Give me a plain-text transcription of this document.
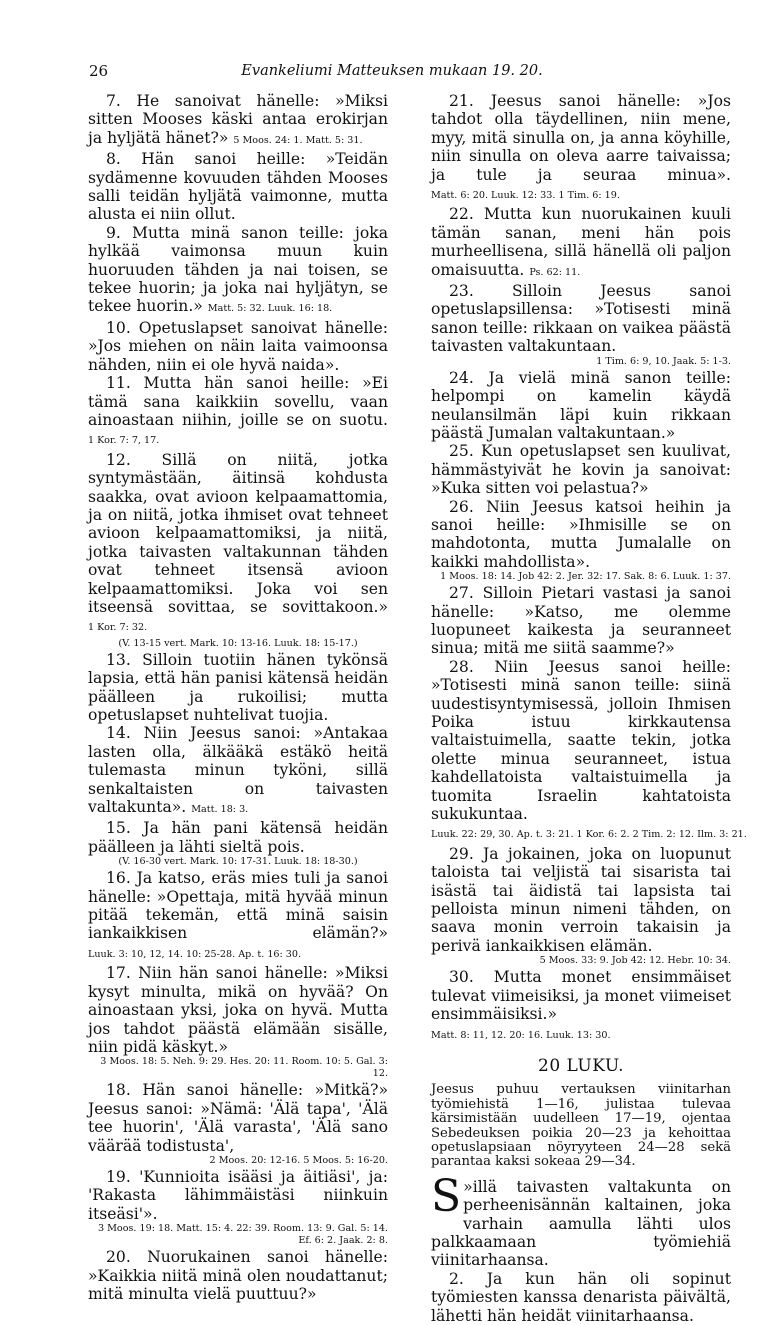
26	Evankeliumi Matteuksen mukaan 19. 20.

7. He sanoivat hänelle: »Miksi sitten Mooses käski antaa erokirjan ja hyljätä hänet?» 5 Moos. 24: 1. Matt. 5: 31.

8. Hän sanoi heille: »Teidän sydämenne kovuuden tähden Mooses salli teidän hyljätä vaimonne, mutta alusta ei niin ollut.

9. Mutta minä sanon teille: joka hylkää vaimonsa muun kuin huoruuden tähden ja nai toisen, se tekee huorin; ja joka nai hyljätyn, se tekee huorin.» Matt. 5: 32. Luuk. 16: 18.

10. Opetuslapset sanoivat hänelle: »Jos miehen on näin laita vaimoonsa nähden, niin ei ole hyvä naida».

11. Mutta hän sanoi heille: »Ei tämä sana kaikkiin sovellu, vaan ainoastaan niihin, joille se on suotu. 1 Kor. 7: 7, 17.

12. Sillä on niitä, jotka syntymästään, äitinsä kohdusta saakka, ovat avioon kelpaamattomia, ja on niitä, jotka ihmiset ovat tehneet avioon kelpaamattomiksi, ja niitä, jotka taivasten valtakunnan tähden ovat tehneet itsensä avioon kelpaamattomiksi. Joka voi sen itseensä sovittaa, se sovittakoon.» 1 Kor. 7: 32.

(V. 13-15 vert. Mark. 10: 13-16. Luuk. 18: 15-17.)

13. Silloin tuotiin hänen tykönsä lapsia, että hän panisi kätensä heidän päälleen ja rukoilisi; mutta opetuslapset nuhtelivat tuojia.

14. Niin Jeesus sanoi: »Antakaa lasten olla, älkääkä estäkö heitä tulemasta minun tyköni, sillä senkaltaisten on taivasten valtakunta». Matt. 18: 3.

15. Ja hän pani kätensä heidän päälleen ja lähti sieltä pois.

(V. 16-30 vert. Mark. 10: 17-31. Luuk. 18: 18-30.)

16. Ja katso, eräs mies tuli ja sanoi hänelle: »Opettaja, mitä hyvää minun pitää tekemän, että minä saisin iankaikkisen elämän?» Luuk. 3: 10, 12, 14. 10: 25-28. Ap. t. 16: 30.

17. Niin hän sanoi hänelle: »Miksi kysyt minulta, mikä on hyvää? On ainoastaan yksi, joka on hyvä. Mutta jos tahdot päästä elämään sisälle, niin pidä käskyt.»

3 Moos. 18: 5. Neh. 9: 29. Hes. 20: 11. Room. 10: 5. Gal. 3: 12.

18. Hän sanoi hänelle: »Mitkä?» Jeesus sanoi: »Nämä: 'Älä tapa', 'Älä tee huorin', 'Älä varasta', 'Älä sano väärää todistusta',

2 Moos. 20: 12-16. 5 Moos. 5: 16-20.

19. 'Kunnioita isääsi ja äitiäsi', ja: 'Rakasta lähimmäistäsi niinkuin itseäsi'».

3 Moos. 19: 18. Matt. 15: 4. 22: 39. Room. 13: 9. Gal. 5: 14. Ef. 6: 2. Jaak. 2: 8.

20. Nuorukainen sanoi hänelle: »Kaikkia niitä minä olen noudattanut; mitä minulta vielä puuttuu?»

21. Jeesus sanoi hänelle: »Jos tahdot olla täydellinen, niin mene, myy, mitä sinulla on, ja anna köyhille, niin sinulla on oleva aarre taivaissa; ja tule ja seuraa minua». Matt. 6: 20. Luuk. 12: 33. 1 Tim. 6: 19.

22. Mutta kun nuorukainen kuuli tämän sanan, meni hän pois murheellisena, sillä hänellä oli paljon omaisuutta. Ps. 62: 11.

23. Silloin Jeesus sanoi opetuslapsillensa: »Totisesti minä sanon teille: rikkaan on vaikea päästä taivasten valtakuntaan.

1 Tim. 6: 9, 10. Jaak. 5: 1-3.

24. Ja vielä minä sanon teille: helpompi on kamelin käydä neulansilmän läpi kuin rikkaan päästä Jumalan valtakuntaan.»

25. Kun opetuslapset sen kuulivat, hämmästyivät he kovin ja sanoivat: »Kuka sitten voi pelastua?»

26. Niin Jeesus katsoi heihin ja sanoi heille: »Ihmisille se on mahdotonta, mutta Jumalalle on kaikki mahdollista».

1 Moos. 18: 14. Job 42: 2. Jer. 32: 17. Sak. 8: 6. Luuk. 1: 37.

27. Silloin Pietari vastasi ja sanoi hänelle: »Katso, me olemme luopuneet kaikesta ja seuranneet sinua; mitä me siitä saamme?»

28. Niin Jeesus sanoi heille: »Totisesti minä sanon teille: siinä uudestisyntymisessä, jolloin Ihmisen Poika istuu kirkkautensa valtaistuimella, saatte tekin, jotka olette minua seuranneet, istua kahdellatoista valtaistuimella ja tuomita Israelin kahtatoista sukukuntaa. Luuk. 22: 29, 30. Ap. t. 3: 21. 1 Kor. 6: 2. 2 Tim. 2: 12. Ilm. 3: 21.

29. Ja jokainen, joka on luopunut taloista tai veljistä tai sisarista tai isästä tai äidistä tai lapsista tai pelloista minun nimeni tähden, on saava monin verroin takaisin ja perivä iankaikkisen elämän.

5 Moos. 33: 9. Job 42: 12. Hebr. 10: 34.

30. Mutta monet ensimmäiset tulevat viimeisiksi, ja monet viimeiset ensimmäisiksi.» Matt. 8: 11, 12. 20: 16. Luuk. 13: 30.

20 LUKU.

Jeesus puhuu vertauksen viinitarhan työmiehistä 1—16, julistaa tulevaa kärsimistään uudelleen 17—19, ojentaa Sebedeuksen poikia 20—23 ja kehoittaa opetuslapsiaan nöyryyteen 24—28 sekä parantaa kaksi sokeaa 29—34.

»
S illä taivasten valtakunta on perheenisännän kaltainen, joka varhain aamulla lähti ulos palkkaamaan työmiehiä viinitarhaansa.

2. Ja kun hän oli sopinut työmiesten kanssa denarista päivältä, lähetti hän heidät viinitarhaansa.
